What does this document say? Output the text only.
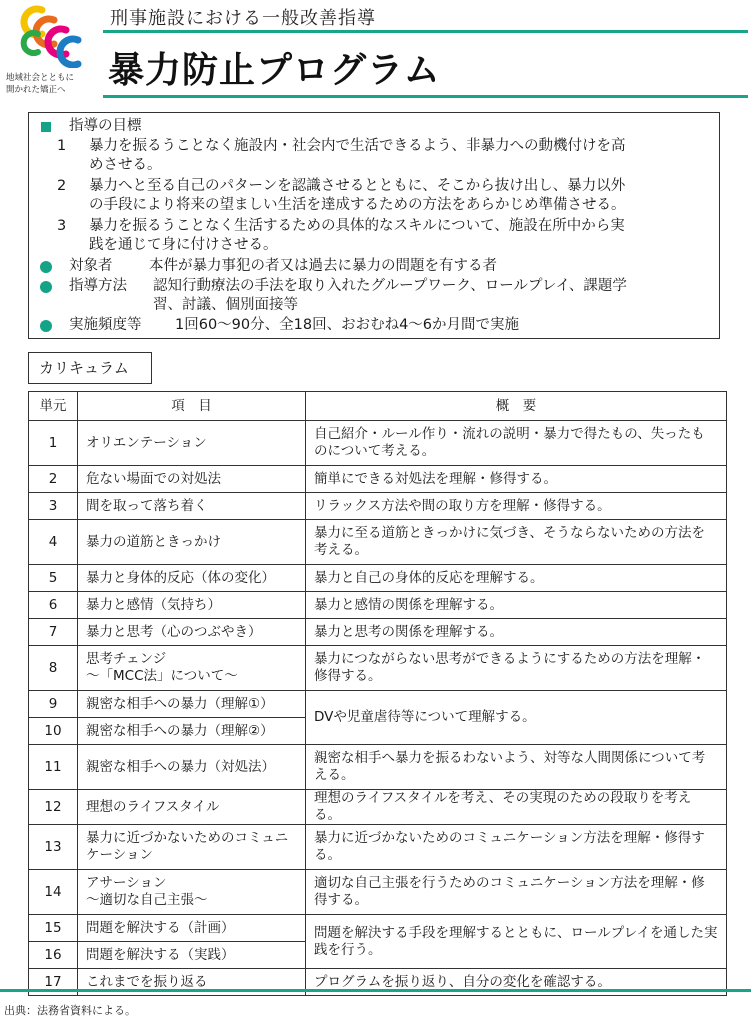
地域社会とともに
開かれた矯正へ
刑事施設における一般改善指導
暴力防止プログラム
指導の目標
1 暴力を振るうことなく施設内・社会内で生活できるよう、非暴力への動機付けを高
めさせる。
2 暴力へと至る自己のパターンを認識させるとともに、そこから抜け出し、暴力以外
の手段により将来の望ましい生活を達成するための方法をあらかじめ準備させる。
3 暴力を振るうことなく生活するための具体的なスキルについて、施設在所中から実
践を通じて身に付けさせる。
対象者	本件が暴力事犯の者又は過去に暴力の問題を有する者
指導方法 認知行動療法の手法を取り入れたグループワーク、ロールプレイ、課題学
習、討議、個別面接等
実施頻度等 1回60～90分、全18回、おおむね4～6か月間で実施
カリキュラム
単元	項　目	概　要
1	オリエンテーション	自己紹介・ルール作り・流れの説明・暴力で得たもの、失ったものについて考える。
2	危ない場面での対処法	簡単にできる対処法を理解・修得する。
3	間を取って落ち着く	リラックス方法や間の取り方を理解・修得する。
4	暴力の道筋ときっかけ	暴力に至る道筋ときっかけに気づき、そうならないための方法を考える。
5	暴力と身体的反応（体の変化）	暴力と自己の身体的反応を理解する。
6	暴力と感情（気持ち）	暴力と感情の関係を理解する。
7	暴力と思考（心のつぶやき）	暴力と思考の関係を理解する。
8	思考チェンジ
～「MCC法」について～	暴力につながらない思考ができるようにするための方法を理解・修得する。
9	親密な相手への暴力（理解①）	DVや児童虐待等について理解する。
10	親密な相手への暴力（理解②）	
11	親密な相手への暴力（対処法）	親密な相手へ暴力を振るわないよう、対等な人間関係について考える。
12	理想のライフスタイル	理想のライフスタイルを考え、その実現のための段取りを考える。
13	暴力に近づかないためのコミュニケーション	暴力に近づかないためのコミュニケーション方法を理解・修得する。
14	アサーション
～適切な自己主張～	適切な自己主張を行うためのコミュニケーション方法を理解・修得する。
15	問題を解決する（計画）	問題を解決する手段を理解するとともに、ロールプレイを通した実践を行う。
16	問題を解決する（実践）	
17	これまでを振り返る	プログラムを振り返り、自分の変化を確認する。
出典：法務省資料による。
